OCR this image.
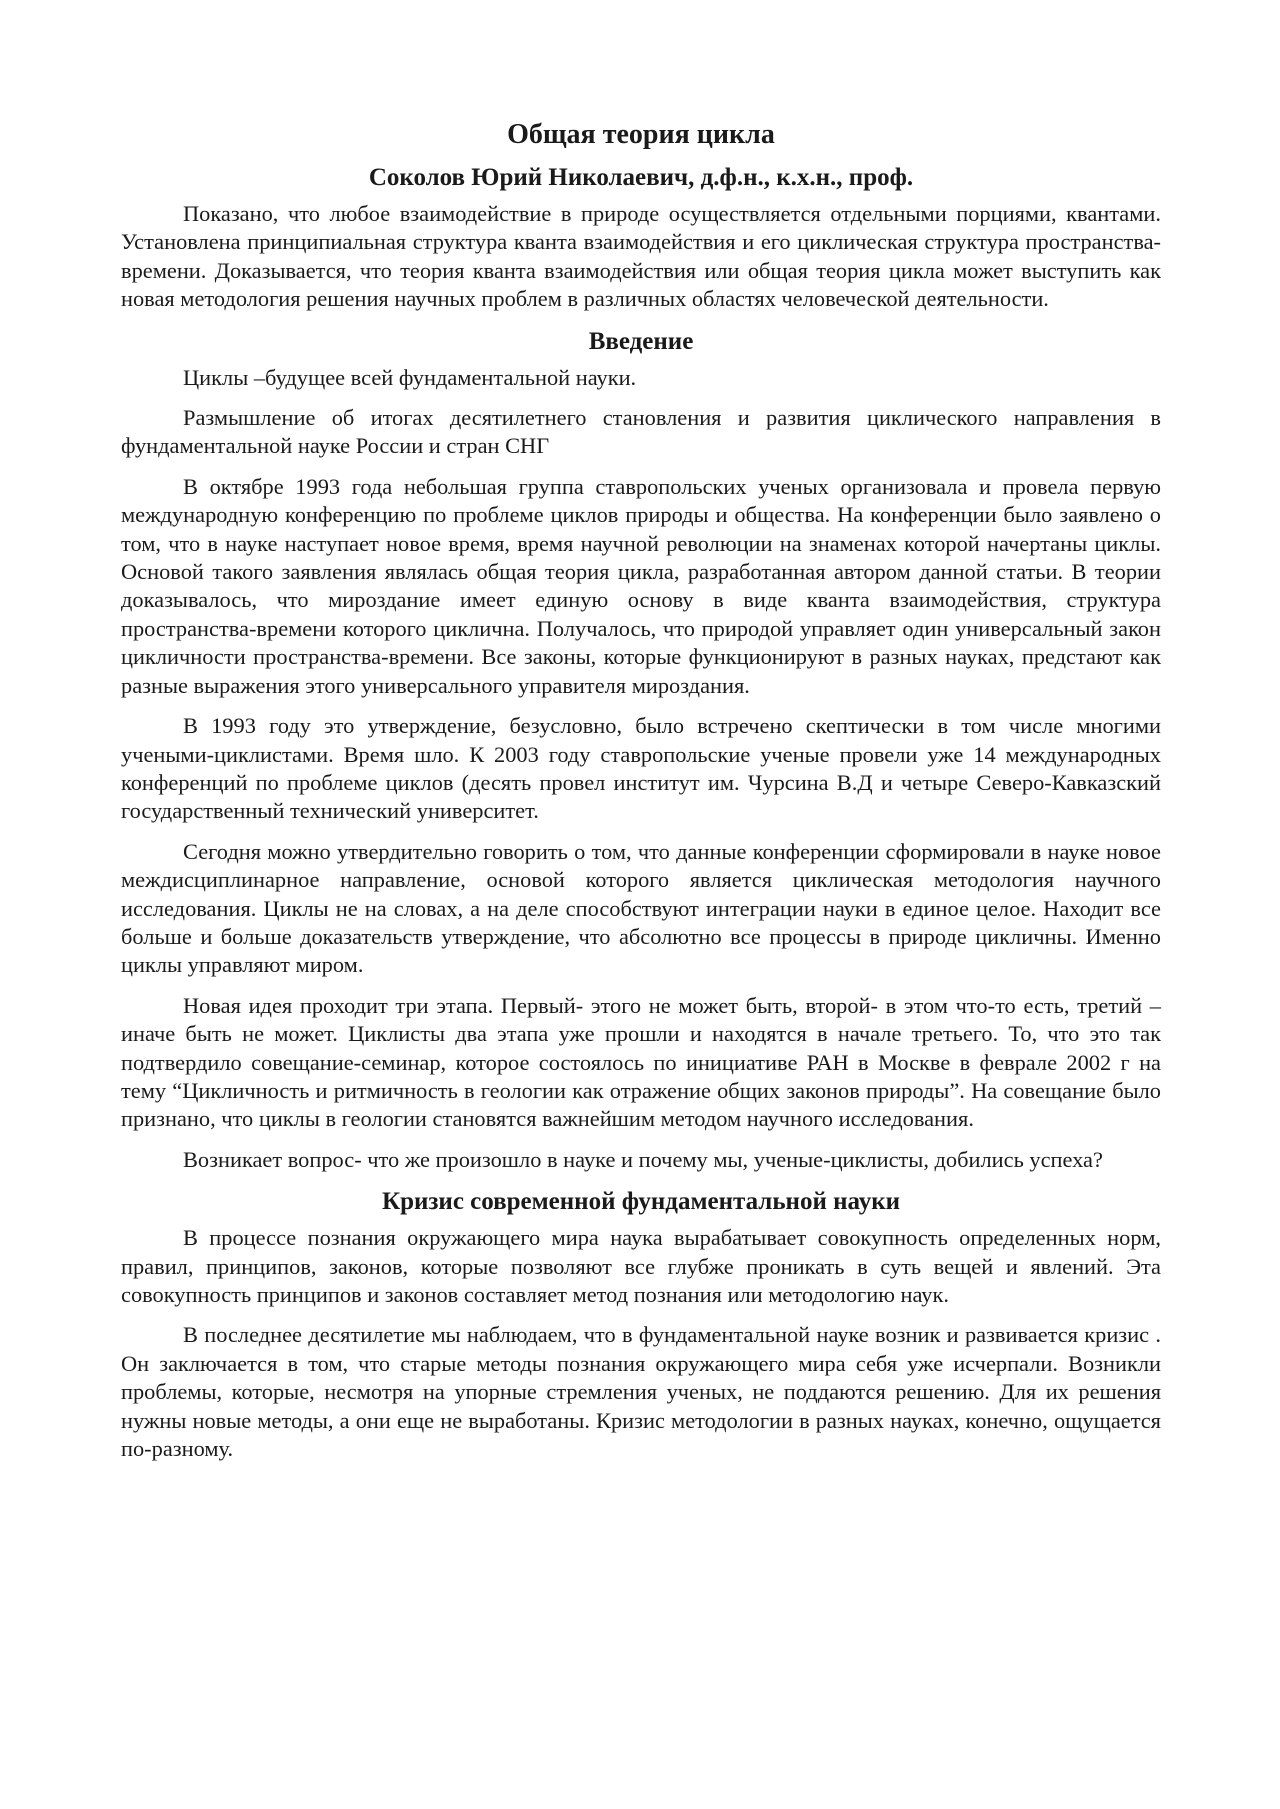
Общая теория цикла
Соколов Юрий Николаевич, д.ф.н., к.х.н., проф.

Показано, что любое взаимодействие в природе осуществляется отдельными порциями, квантами. Установлена принципиальная структура кванта взаимодействия и его циклическая структура пространства-времени. Доказывается, что теория кванта взаимодействия или общая теория цикла может выступить как новая методология решения научных проблем в различных областях человеческой деятельности.

Введение

Циклы –будущее всей фундаментальной науки.

Размышление об итогах десятилетнего становления и развития циклического направления в фундаментальной науке России и стран СНГ

В октябре 1993 года небольшая группа ставропольских ученых организовала и провела первую международную конференцию по проблеме циклов природы и общества. На конференции было заявлено о том, что в науке наступает новое время, время научной революции на знаменах которой начертаны циклы. Основой такого заявления являлась общая теория цикла, разработанная автором данной статьи. В теории доказывалось, что мироздание имеет единую основу в виде кванта взаимодействия, структура пространства-времени которого циклична. Получалось, что природой управляет один универсальный закон цикличности пространства-времени. Все законы, которые функционируют в разных науках, предстают как разные выражения этого универсального управителя мироздания.

В 1993 году это утверждение, безусловно, было встречено скептически в том числе многими учеными-циклистами. Время шло. К 2003 году ставропольские ученые провели уже 14 международных конференций по проблеме циклов (десять провел институт им. Чурсина В.Д и четыре Северо-Кавказский государственный технический университет.

Сегодня можно утвердительно говорить о том, что данные конференции сформировали в науке новое междисциплинарное направление, основой которого является циклическая методология научного исследования. Циклы не на словах, а на деле способствуют интеграции науки в единое целое. Находит все больше и больше доказательств утверждение, что абсолютно все процессы в природе цикличны. Именно циклы управляют миром.

Новая идея проходит три этапа. Первый- этого не может быть, второй- в этом что-то есть, третий –иначе быть не может. Циклисты два этапа уже прошли и находятся в начале третьего. То, что это так подтвердило совещание-семинар, которое состоялось по инициативе РАН в Москве в феврале 2002 г на тему “Цикличность и ритмичность в геологии как отражение общих законов природы”. На совещание было признано, что циклы в геологии становятся важнейшим методом научного исследования.

Возникает вопрос- что же произошло в науке и почему мы, ученые-циклисты, добились успеха?

Кризис современной фундаментальной науки

В процессе познания окружающего мира наука вырабатывает совокупность определенных норм, правил, принципов, законов, которые позволяют все глубже проникать в суть вещей и явлений. Эта совокупность принципов и законов составляет метод познания или методологию наук.

В последнее десятилетие мы наблюдаем, что в фундаментальной науке возник и развивается кризис . Он заключается в том, что старые методы познания окружающего мира себя уже исчерпали. Возникли проблемы, которые, несмотря на упорные стремления ученых, не поддаются решению. Для их решения нужны новые методы, а они еще не выработаны. Кризис методологии в разных науках, конечно, ощущается по-разному.
